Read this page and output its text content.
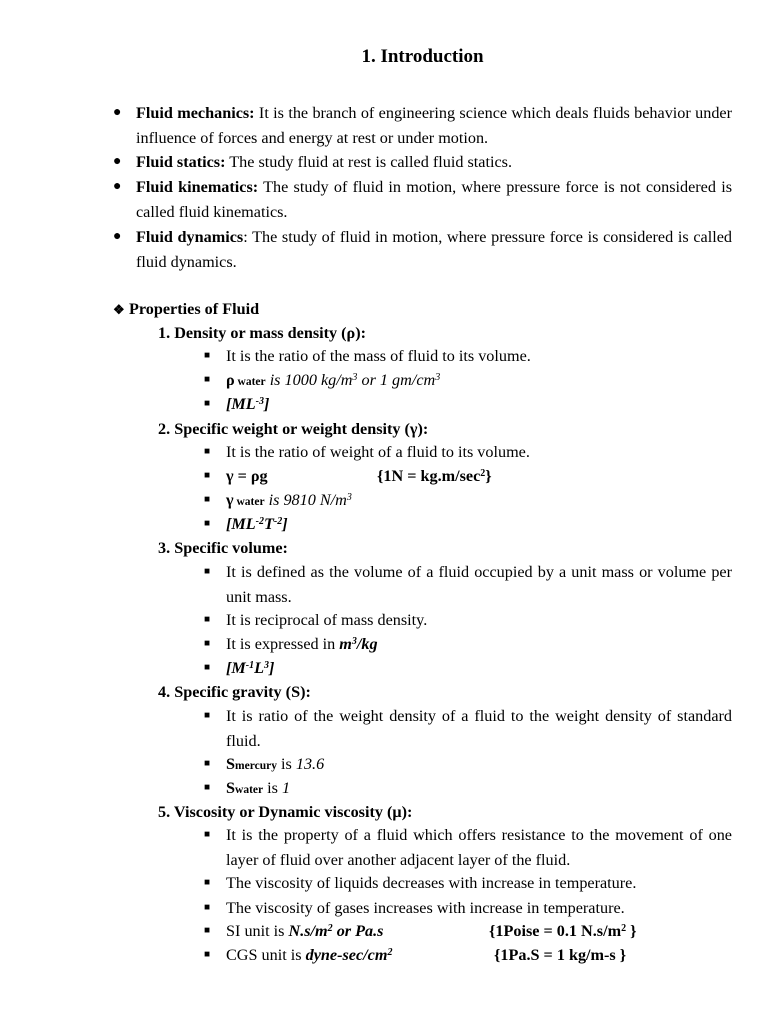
1. Introduction
● Fluid mechanics: It is the branch of engineering science which deals fluids behavior under influence of forces and energy at rest or under motion.
● Fluid statics: The study fluid at rest is called fluid statics.
● Fluid kinematics: The study of fluid in motion, where pressure force is not considered is called fluid kinematics.
● Fluid dynamics: The study of fluid in motion, where pressure force is considered is called fluid dynamics.
❖ Properties of Fluid
1. Density or mass density (ρ):
■ It is the ratio of the mass of fluid to its volume.
■ ρ water is 1000 $kg/m^3$ or 1 $gm/cm^3$
■ $[ML^{-3}]$
2. Specific weight or weight density (γ):
■ It is the ratio of weight of a fluid to its volume.
■ γ = ρg	$\{1N = kg.m/\sec^2\}$
■ γ water is 9810 $N/m^3$
■ $[ML^{-2}T^{-2}]$
3. Specific volume:
■ It is defined as the volume of a fluid occupied by a unit mass or volume per unit mass.
■ It is reciprocal of mass density.
■ It is expressed in $m^3/kg$
■ $[M^{-1}L^3]$
4. Specific gravity (S):
■ It is ratio of the weight density of a fluid to the weight density of standard fluid.
■ Smercury is 13.6
■ Swater is 1
5. Viscosity or Dynamic viscosity (μ):
■ It is the property of a fluid which offers resistance to the movement of one layer of fluid over another adjacent layer of the fluid.
■ The viscosity of liquids decreases with increase in temperature.
■ The viscosity of gases increases with increase in temperature.
■ SI unit is $N.s/m^2$ or Pa.s	{1Poise = 0.1 $N.s/m^2$ }
■ CGS unit is dyne-$\sec/cm^2$	{1Pa.S = 1 kg/m-s }
